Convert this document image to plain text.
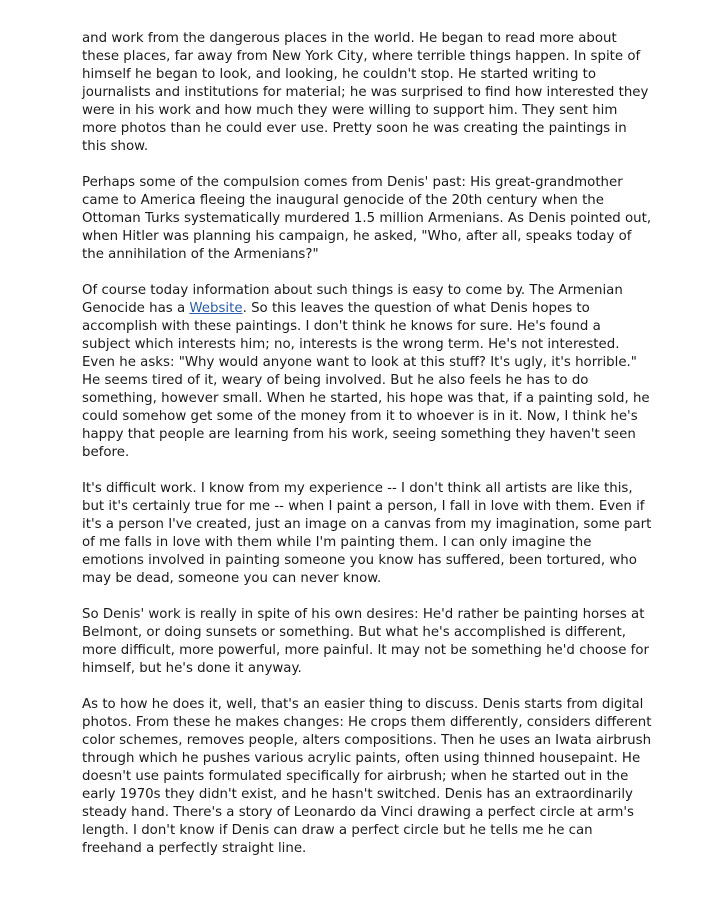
and work from the dangerous places in the world. He began to read more about these places, far away from New York City, where terrible things happen. In spite of himself he began to look, and looking, he couldn't stop. He started writing to journalists and institutions for material; he was surprised to find how interested they were in his work and how much they were willing to support him. They sent him more photos than he could ever use. Pretty soon he was creating the paintings in this show.

Perhaps some of the compulsion comes from Denis' past: His great-grandmother came to America fleeing the inaugural genocide of the 20th century when the Ottoman Turks systematically murdered 1.5 million Armenians. As Denis pointed out, when Hitler was planning his campaign, he asked, "Who, after all, speaks today of the annihilation of the Armenians?"

Of course today information about such things is easy to come by. The Armenian Genocide has a Website. So this leaves the question of what Denis hopes to accomplish with these paintings. I don't think he knows for sure. He's found a subject which interests him; no, interests is the wrong term. He's not interested. Even he asks: "Why would anyone want to look at this stuff? It's ugly, it's horrible." He seems tired of it, weary of being involved. But he also feels he has to do something, however small. When he started, his hope was that, if a painting sold, he could somehow get some of the money from it to whoever is in it. Now, I think he's happy that people are learning from his work, seeing something they haven't seen before.

It's difficult work. I know from my experience -- I don't think all artists are like this, but it's certainly true for me -- when I paint a person, I fall in love with them. Even if it's a person I've created, just an image on a canvas from my imagination, some part of me falls in love with them while I'm painting them. I can only imagine the emotions involved in painting someone you know has suffered, been tortured, who may be dead, someone you can never know.

So Denis' work is really in spite of his own desires: He'd rather be painting horses at Belmont, or doing sunsets or something. But what he's accomplished is different, more difficult, more powerful, more painful. It may not be something he'd choose for himself, but he's done it anyway.

As to how he does it, well, that's an easier thing to discuss. Denis starts from digital photos. From these he makes changes: He crops them differently, considers different color schemes, removes people, alters compositions. Then he uses an Iwata airbrush through which he pushes various acrylic paints, often using thinned housepaint. He doesn't use paints formulated specifically for airbrush; when he started out in the early 1970s they didn't exist, and he hasn't switched. Denis has an extraordinarily steady hand. There's a story of Leonardo da Vinci drawing a perfect circle at arm's length. I don't know if Denis can draw a perfect circle but he tells me he can freehand a perfectly straight line.
